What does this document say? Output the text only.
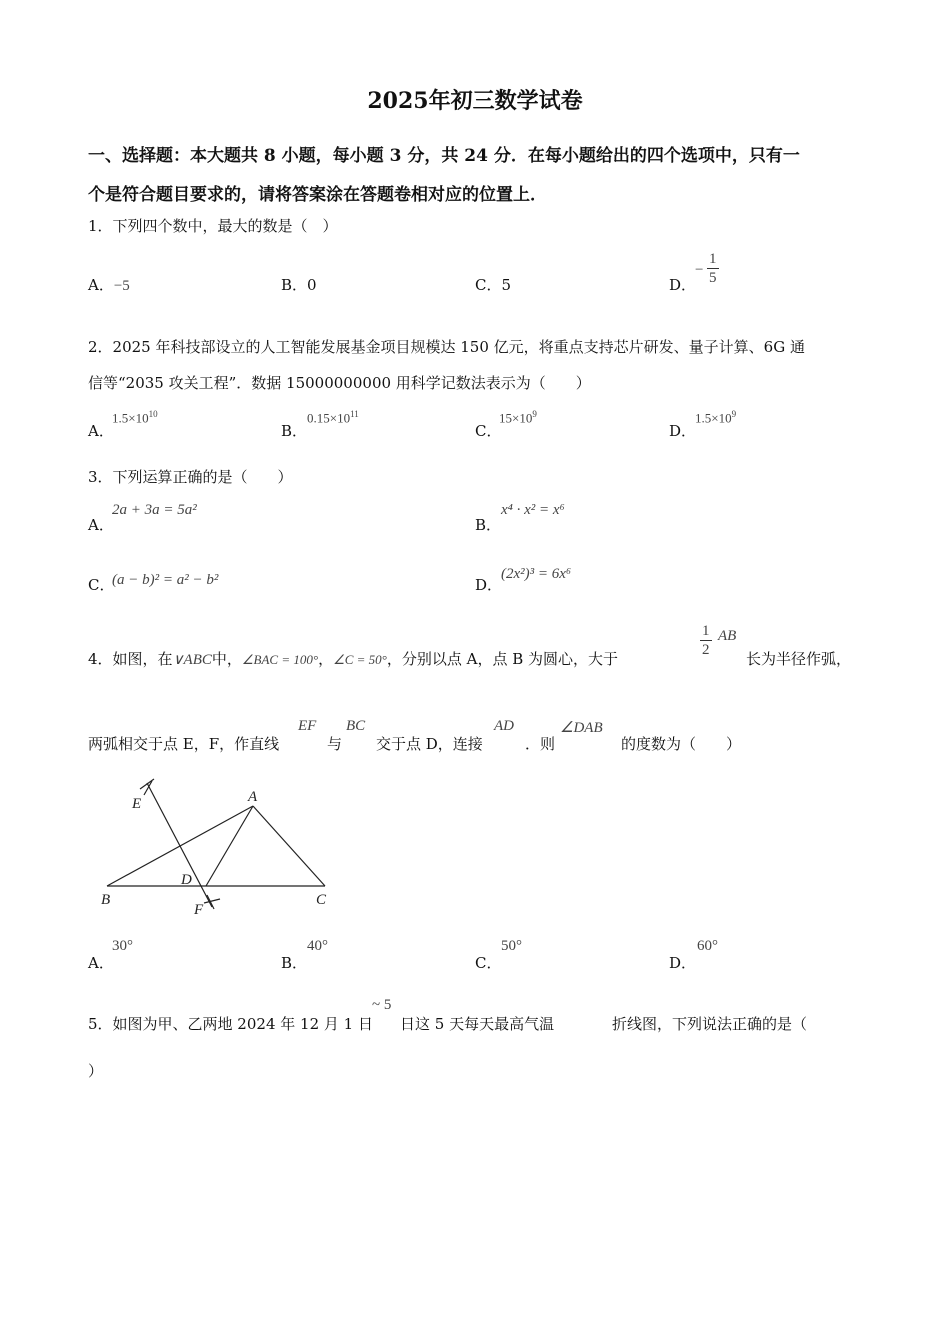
2025年初三数学试卷
一、选择题：本大题共 8 小题，每小题 3 分，共 24 分．在每小题给出的四个选项中，只有一
个是符合题目要求的，请将答案涂在答题卷相对应的位置上．
1．下列四个数中，最大的数是（　）
A．−5	B．0	C．5	D．
− $\frac{1}{5}$
2．2025 年科技部设立的人工智能发展基金项目规模达 150 亿元，将重点支持芯片研发、量子计算、6G 通
信等“2035 攻关工程”．数据 15000000000 用科学记数法表示为（　　）
A．
$1.5\times 10^{10}$
B．
$0.15\times 10^{11}$
C．
$15\times 10^9$
D．
$1.5\times 10^9$
3．下列运算正确的是（　　）
A．
2a + 3a = 5a²
B．
x⁴ · x² = x⁶
C．
(a − b)² = a² − b²	D．
(2x²)³ = 6x⁶
4．如图，在∨ABC中，∠BAC = 100°，∠C = 50°，分别以点 A，点 B 为圆心，大于	$\frac{1}{2}$ AB
长为半径作弧，
两弧相交于点 E，F，作直线
EF
与
BC
交于点 D，连接
AD
．则
∠DAB
的度数为（　　）
E	A
D
B
F
C
A．
30°
B．
40°
C．
50°
D．
60°
5．如图为甲、乙两地 2024 年 12 月 1 日
~ 5
日这 5 天每天最高气温	折线图，下列说法正确的是（
）
